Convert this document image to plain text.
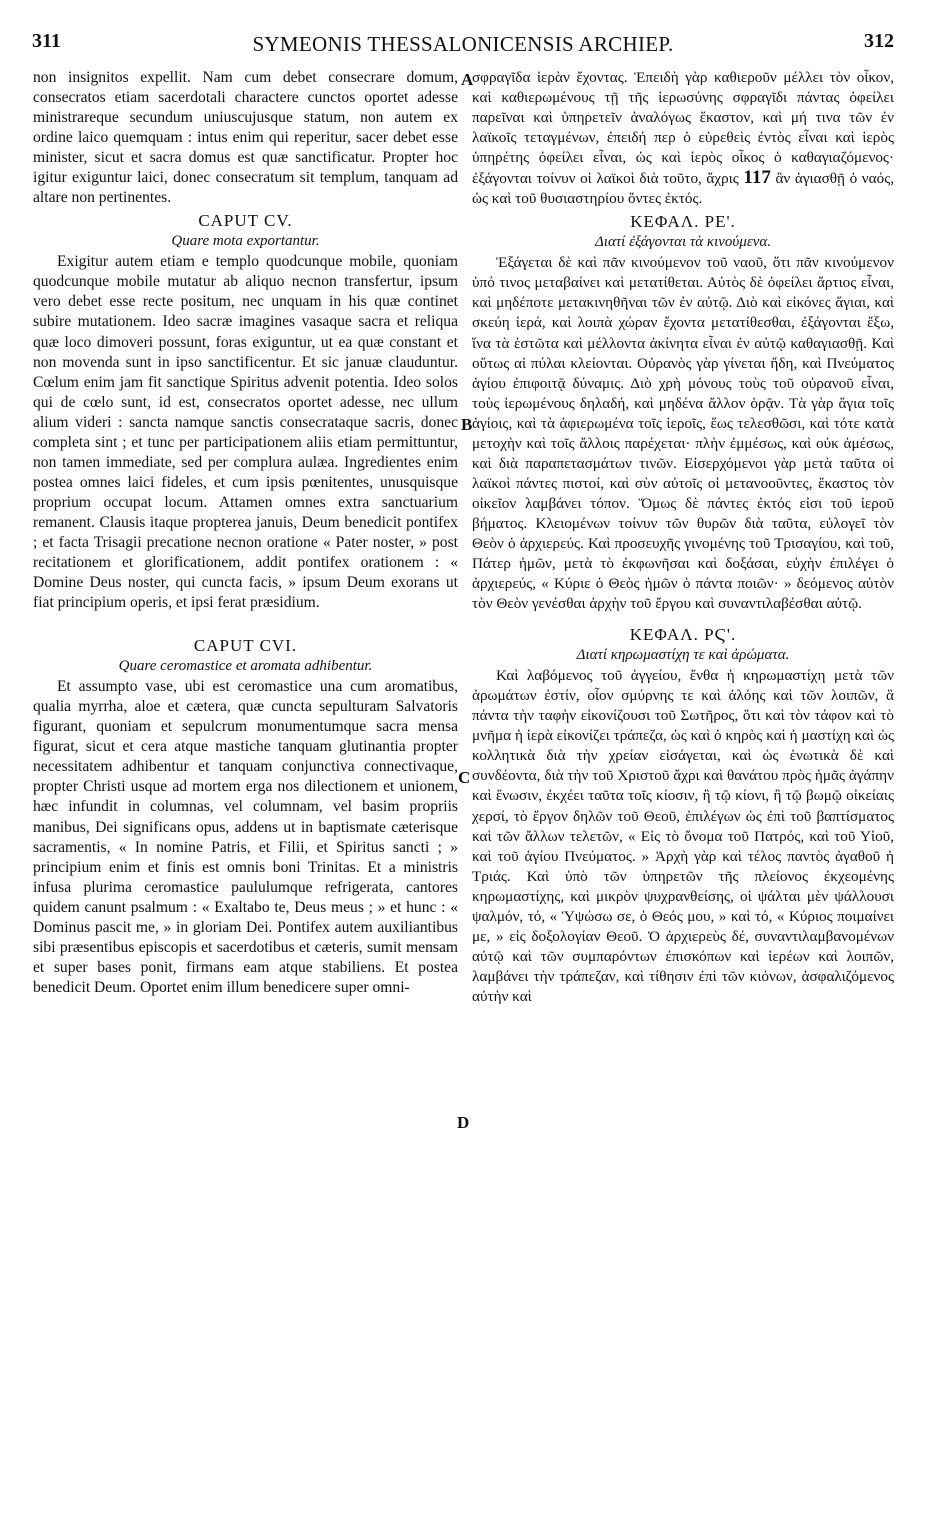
311	SYMEONIS THESSALONICENSIS ARCHIEP.	312

non insignitos expellit. Nam cum debet consecrare domum, consecratos etiam sacerdotali charactere cunctos oportet adesse ministrareque secundum uniuscujusque statum, non autem ex ordine laico quemquam : intus enim qui reperitur, sacer debet esse minister, sicut et sacra domus est quæ sanctificatur. Propter hoc igitur exiguntur laici, donec consecratum sit templum, tanquam ad altare non pertinentes.

CAPUT CV.
Quare mota exportantur.

Exigitur autem etiam e templo quodcunque mobile, quoniam quodcunque mobile mutatur ab aliquo necnon transfertur, ipsum vero debet esse recte positum, nec unquam in his quæ continet subire mutationem. Ideo sacræ imagines vasaque sacra et reliqua quæ loco dimoveri possunt, foras exiguntur, ut ea quæ constant et non movenda sunt in ipso sanctificentur. Et sic januæ clauduntur. Cœlum enim jam fit sanctique Spiritus advenit potentia. Ideo solos qui de cœlo sunt, id est, consecratos oportet adesse, nec ullum alium videri : sancta namque sanctis consecrataque sacris, donec completa sint ; et tunc per participationem aliis etiam permittuntur, non tamen immediate, sed per complura aulæa. Ingredientes enim postea omnes laici fideles, et cum ipsis pœnitentes, unusquisque proprium occupat locum. Attamen omnes extra sanctuarium remanent. Clausis itaque propterea januis, Deum benedicit pontifex ; et facta Trisagii precatione necnon oratione « Pater noster, » post recitationem et glorificationem, addit pontifex orationem : « Domine Deus noster, qui cuncta facis, » ipsum Deum exorans ut fiat principium operis, et ipsi ferat præsidium.

CAPUT CVI.
Quare ceromastice et aromata adhibentur.

Et assumpto vase, ubi est ceromastice una cum aromatibus, qualia myrrha, aloe et cætera, quæ cuncta sepulturam Salvatoris figurant, quoniam et sepulcrum monumentumque sacra mensa figurat, sicut et cera atque mastiche tanquam glutinantia propter necessitatem adhibentur et tanquam conjunctiva connectivaque, propter Christi usque ad mortem erga nos dilectionem et unionem, hæc infundit in columnas, vel columnam, vel basim propriis manibus, Dei significans opus, addens ut in baptismate cæterisque sacramentis, « In nomine Patris, et Filii, et Spiritus sancti ; » principium enim et finis est omnis boni Trinitas. Et a ministris infusa plurima ceromastice paululumque refrigerata, cantores quidem canunt psalmum : « Exaltabo te, Deus meus ; » et hunc : « Dominus pascit me, » in gloriam Dei. Pontifex autem auxiliantibus sibi præsentibus episcopis et sacerdotibus et cæteris, sumit mensam et super bases ponit, firmans eam atque stabiliens. Et postea benedicit Deum. Oportet enim illum benedicere super omni-

σφραγῖδα ἱερὰν ἔχοντας. Ἐπειδὴ γὰρ καθιεροῦν μέλλει τὸν οἶκον, καὶ καθιερωμένους τῇ τῆς ἱερωσύνης σφραγῖδι πάντας ὀφείλει παρεῖναι καὶ ὑπηρετεῖν ἀναλόγως ἕκαστον, καὶ μή τινα τῶν ἐν λαϊκοῖς τεταγμένων, ἐπειδή περ ὁ εὑρεθεὶς ἐντὸς εἶναι καὶ ἱερὸς ὑπηρέτης ὀφείλει εἶναι, ὡς καὶ ἱερὸς οἶκος ὁ καθαγιαζόμενος· ἐξάγονται τοίνυν οἱ λαϊκοὶ διὰ τοῦτο, ἄχρις 117 ἂν ἁγιασθῇ ὁ ναός, ὡς καὶ τοῦ θυσιαστηρίου ὄντες ἐκτός.

ΚΕΦΑΛ. ΡΕ'.
Διατί ἐξάγονται τὰ κινούμενα.

Ἐξάγεται δὲ καὶ πᾶν κινούμενον τοῦ ναοῦ, ὅτι πᾶν κινούμενον ὑπό τινος μεταβαίνει καὶ μετατίθεται. Αὐτὸς δὲ ὀφείλει ἄρτιος εἶναι, καὶ μηδέποτε μετακινηθῆναι τῶν ἐν αὐτῷ. Διὸ καὶ εἰκόνες ἅγιαι, καὶ σκεύη ἱερά, καὶ λοιπὰ χώραν ἔχοντα μετατίθεσθαι, ἐξάγονται ἔξω, ἵνα τὰ ἑστῶτα καὶ μέλλοντα ἀκίνητα εἶναι ἐν αὐτῷ καθαγιασθῇ. Καὶ οὕτως αἱ πύλαι κλείονται. Οὐρανὸς γὰρ γίνεται ἤδη, καὶ Πνεύματος ἁγίου ἐπιφοιτᾷ δύναμις. Διὸ χρὴ μόνους τοὺς τοῦ οὐρανοῦ εἶναι, τοὺς ἱερωμένους δηλαδή, καὶ μηδένα ἄλλον ὁρᾷν. Τὰ γὰρ ἅγια τοῖς ἁγίοις, καὶ τὰ ἀφιερωμένα τοῖς ἱεροῖς, ἕως τελεσθῶσι, καὶ τότε κατὰ μετοχὴν καὶ τοῖς ἄλλοις παρέχεται· πλὴν ἐμμέσως, καὶ οὐκ ἀμέσως, καὶ διὰ παραπετασμάτων τινῶν. Εἰσερχόμενοι γὰρ μετὰ ταῦτα οἱ λαϊκοὶ πάντες πιστοί, καὶ σὺν αὐτοῖς οἱ μετανοοῦντες, ἕκαστος τὸν οἰκεῖον λαμβάνει τόπον. Ὅμως δὲ πάντες ἐκτός εἰσι τοῦ ἱεροῦ βήματος. Κλειομένων τοίνυν τῶν θυρῶν διὰ ταῦτα, εὐλογεῖ τὸν Θεὸν ὁ ἀρχιερεύς. Καὶ προσευχῆς γινομένης τοῦ Τρισαγίου, καὶ τοῦ, Πάτερ ἡμῶν, μετὰ τὸ ἐκφωνῆσαι καὶ δοξάσαι, εὐχὴν ἐπιλέγει ὁ ἀρχιερεύς, « Κύριε ὁ Θεὸς ἡμῶν ὁ πάντα ποιῶν· » δεόμενος αὐτὸν τὸν Θεὸν γενέσθαι ἀρχὴν τοῦ ἔργου καὶ συναντιλαβέσθαι αὐτῷ.

ΚΕΦΑΛ. ΡϚ'.
Διατί κηρωμαστίχη τε καὶ ἀρώματα.

Καὶ λαβόμενος τοῦ ἀγγείου, ἔνθα ἡ κηρωμαστίχη μετὰ τῶν ἀρωμάτων ἐστίν, οἷον σμύρνης τε καὶ ἀλόης καὶ τῶν λοιπῶν, ἃ πάντα τὴν ταφὴν εἰκονίζουσι τοῦ Σωτῆρος, ὅτι καὶ τὸν τάφον καὶ τὸ μνῆμα ἡ ἱερὰ εἰκονίζει τράπεζα, ὡς καὶ ὁ κηρὸς καὶ ἡ μαστίχη καὶ ὡς κολλητικὰ διὰ τὴν χρείαν εἰσάγεται, καὶ ὡς ἑνωτικὰ δὲ καὶ συνδέοντα, διὰ τὴν τοῦ Χριστοῦ ἄχρι καὶ θανάτου πρὸς ἡμᾶς ἀγάπην καὶ ἕνωσιν, ἐκχέει ταῦτα τοῖς κίοσιν, ἢ τῷ κίονι, ἢ τῷ βωμῷ οἰκείαις χερσί, τὸ ἔργον δηλῶν τοῦ Θεοῦ, ἐπιλέγων ὡς ἐπὶ τοῦ βαπτίσματος καὶ τῶν ἄλλων τελετῶν, « Εἰς τὸ ὄνομα τοῦ Πατρός, καὶ τοῦ Υἱοῦ, καὶ τοῦ ἁγίου Πνεύματος. » Ἀρχὴ γὰρ καὶ τέλος παντὸς ἀγαθοῦ ἡ Τριάς. Καὶ ὑπὸ τῶν ὑπηρετῶν τῆς πλείονος ἐκχεομένης κηρωμαστίχης, καὶ μικρὸν ψυχρανθείσης, οἱ ψάλται μὲν ψάλλουσι ψαλμόν, τό, « Ὑψώσω σε, ὁ Θεός μου, » καὶ τό, « Κύριος ποιμαίνει με, » εἰς δοξολογίαν Θεοῦ. Ὁ ἀρχιερεὺς δέ, συναντιλαμβανομένων αὐτῷ καὶ τῶν συμπαρόντων ἐπισκόπων καὶ ἱερέων καὶ λοιπῶν, λαμβάνει τὴν τράπεζαν, καὶ τίθησιν ἐπὶ τῶν κιόνων, ἀσφαλιζόμενος αὐτὴν καὶ

A
B
C
D
